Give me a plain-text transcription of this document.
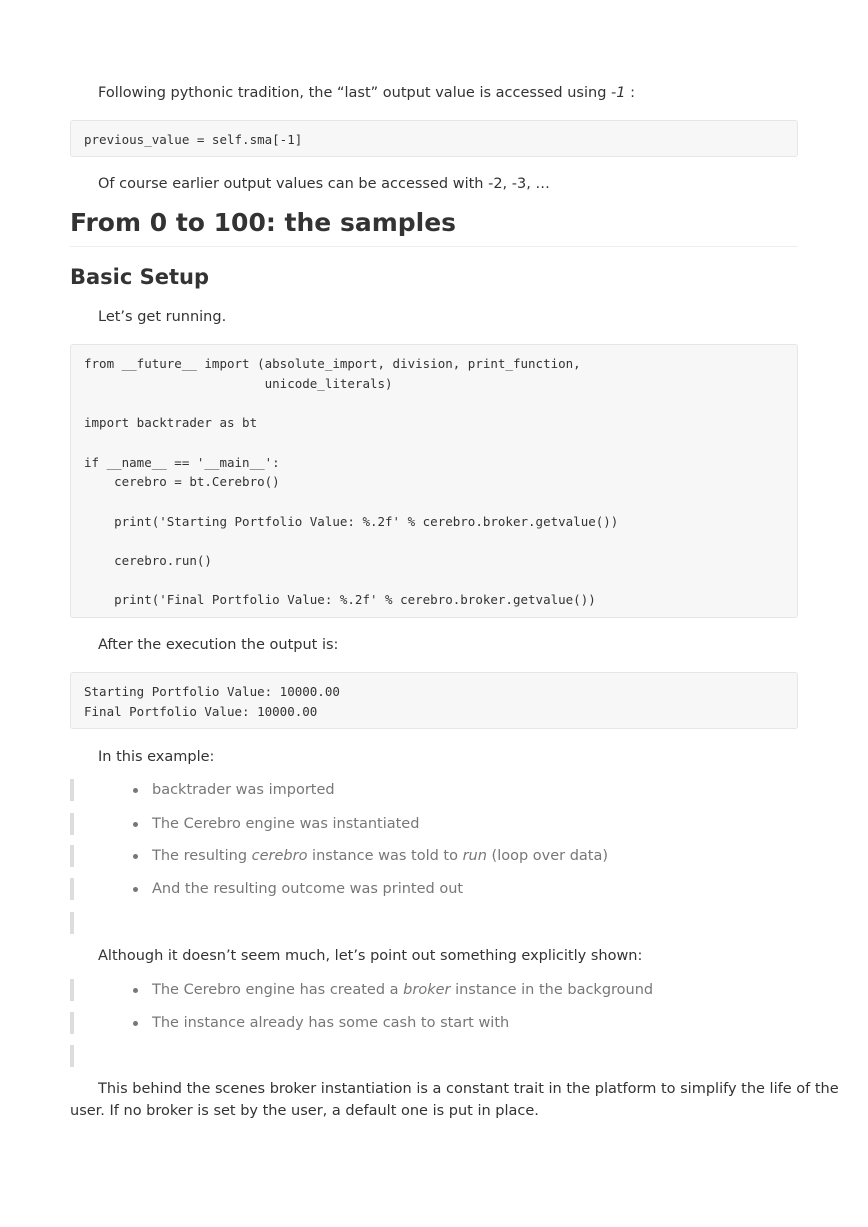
Following pythonic tradition, the “last” output value is accessed using -1 :

previous_value = self.sma[-1]

Of course earlier output values can be accessed with -2, -3, …

From 0 to 100: the samples
Basic Setup

Let’s get running.

from __future__ import (absolute_import, division, print_function,
unicode_literals)

import backtrader as bt

if __name__ == '__main__':
cerebro = bt.Cerebro()

print('Starting Portfolio Value: %.2f' % cerebro.broker.getvalue())

cerebro.run()

print('Final Portfolio Value: %.2f' % cerebro.broker.getvalue())

After the execution the output is:

Starting Portfolio Value: 10000.00
Final Portfolio Value: 10000.00

In this example:

backtrader was imported
The Cerebro engine was instantiated
The resulting cerebro instance was told to run (loop over data)
And the resulting outcome was printed out

Although it doesn’t seem much, let’s point out something explicitly shown:

The Cerebro engine has created a broker instance in the background
The instance already has some cash to start with
This behind the scenes broker instantiation is a constant trait in the platform to simplify the life of the
user. If no broker is set by the user, a default one is put in place.
